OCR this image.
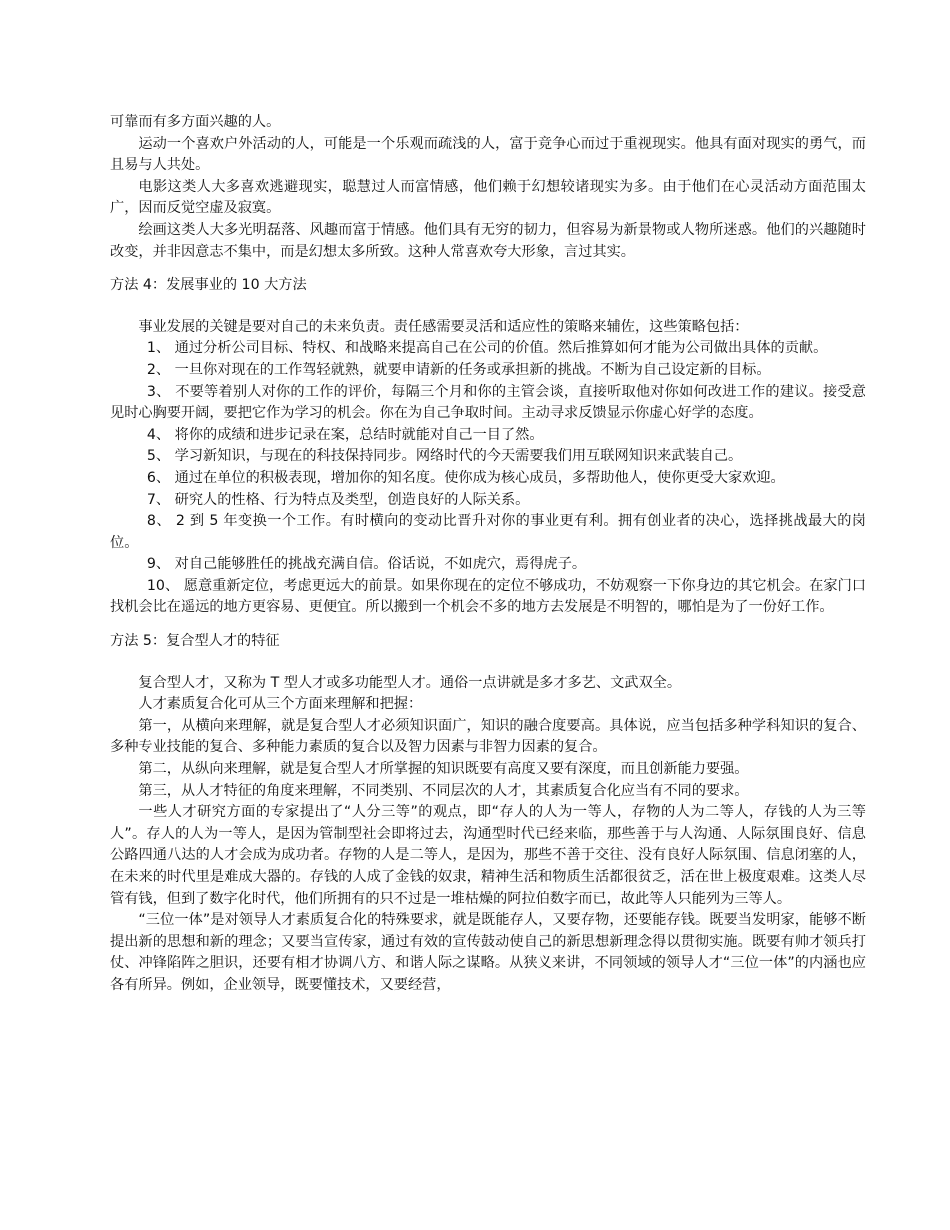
可靠而有多方面兴趣的人。

运动一个喜欢户外活动的人，可能是一个乐观而疏浅的人，富于竞争心而过于重视现实。他具有面对现实的勇气，而且易与人共处。

电影这类人大多喜欢逃避现实，聪慧过人而富情感，他们赖于幻想较诸现实为多。由于他们在心灵活动方面范围太广，因而反觉空虚及寂寞。

绘画这类人大多光明磊落、风趣而富于情感。他们具有无穷的韧力，但容易为新景物或人物所迷惑。他们的兴趣随时改变，并非因意志不集中，而是幻想太多所致。这种人常喜欢夸大形象，言过其实。

方法 4：发展事业的 10 大方法

事业发展的关键是要对自己的未来负责。责任感需要灵活和适应性的策略来辅佐，这些策略包括：

1、 通过分析公司目标、特权、和战略来提高自己在公司的价值。然后推算如何才能为公司做出具体的贡献。

2、 一旦你对现在的工作驾轻就熟，就要申请新的任务或承担新的挑战。不断为自己设定新的目标。

3、 不要等着别人对你的工作的评价，每隔三个月和你的主管会谈，直接听取他对你如何改进工作的建议。接受意见时心胸要开阔，要把它作为学习的机会。你在为自己争取时间。主动寻求反馈显示你虚心好学的态度。

4、 将你的成绩和进步记录在案，总结时就能对自己一目了然。

5、 学习新知识，与现在的科技保持同步。网络时代的今天需要我们用互联网知识来武装自己。

6、 通过在单位的积极表现，增加你的知名度。使你成为核心成员，多帮助他人，使你更受大家欢迎。

7、 研究人的性格、行为特点及类型，创造良好的人际关系。

8、 2 到 5 年变换一个工作。有时横向的变动比晋升对你的事业更有利。拥有创业者的决心，选择挑战最大的岗位。

9、 对自己能够胜任的挑战充满自信。俗话说，不如虎穴，焉得虎子。

10、 愿意重新定位，考虑更远大的前景。如果你现在的定位不够成功，不妨观察一下你身边的其它机会。在家门口找机会比在遥远的地方更容易、更便宜。所以搬到一个机会不多的地方去发展是不明智的，哪怕是为了一份好工作。

方法 5：复合型人才的特征

复合型人才，又称为 T 型人才或多功能型人才。通俗一点讲就是多才多艺、文武双全。

人才素质复合化可从三个方面来理解和把握：

第一，从横向来理解，就是复合型人才必须知识面广，知识的融合度要高。具体说，应当包括多种学科知识的复合、多种专业技能的复合、多种能力素质的复合以及智力因素与非智力因素的复合。

第二，从纵向来理解，就是复合型人才所掌握的知识既要有高度又要有深度，而且创新能力要强。

第三，从人才特征的角度来理解，不同类别、不同层次的人才，其素质复合化应当有不同的要求。

一些人才研究方面的专家提出了“人分三等”的观点，即“存人的人为一等人，存物的人为二等人，存钱的人为三等人”。存人的人为一等人，是因为管制型社会即将过去，沟通型时代已经来临，那些善于与人沟通、人际氛围良好、信息公路四通八达的人才会成为成功者。存物的人是二等人，是因为，那些不善于交往、没有良好人际氛围、信息闭塞的人，在未来的时代里是难成大器的。存钱的人成了金钱的奴隶，精神生活和物质生活都很贫乏，活在世上极度艰难。这类人尽管有钱，但到了数字化时代，他们所拥有的只不过是一堆枯燥的阿拉伯数字而已，故此等人只能列为三等人。

“三位一体”是对领导人才素质复合化的特殊要求，就是既能存人，又要存物，还要能存钱。既要当发明家，能够不断提出新的思想和新的理念；又要当宣传家，通过有效的宣传鼓动使自己的新思想新理念得以贯彻实施。既要有帅才领兵打仗、冲锋陷阵之胆识，还要有相才协调八方、和谐人际之谋略。从狭义来讲，不同领域的领导人才“三位一体”的内涵也应各有所异。例如，企业领导，既要懂技术，又要经营，
